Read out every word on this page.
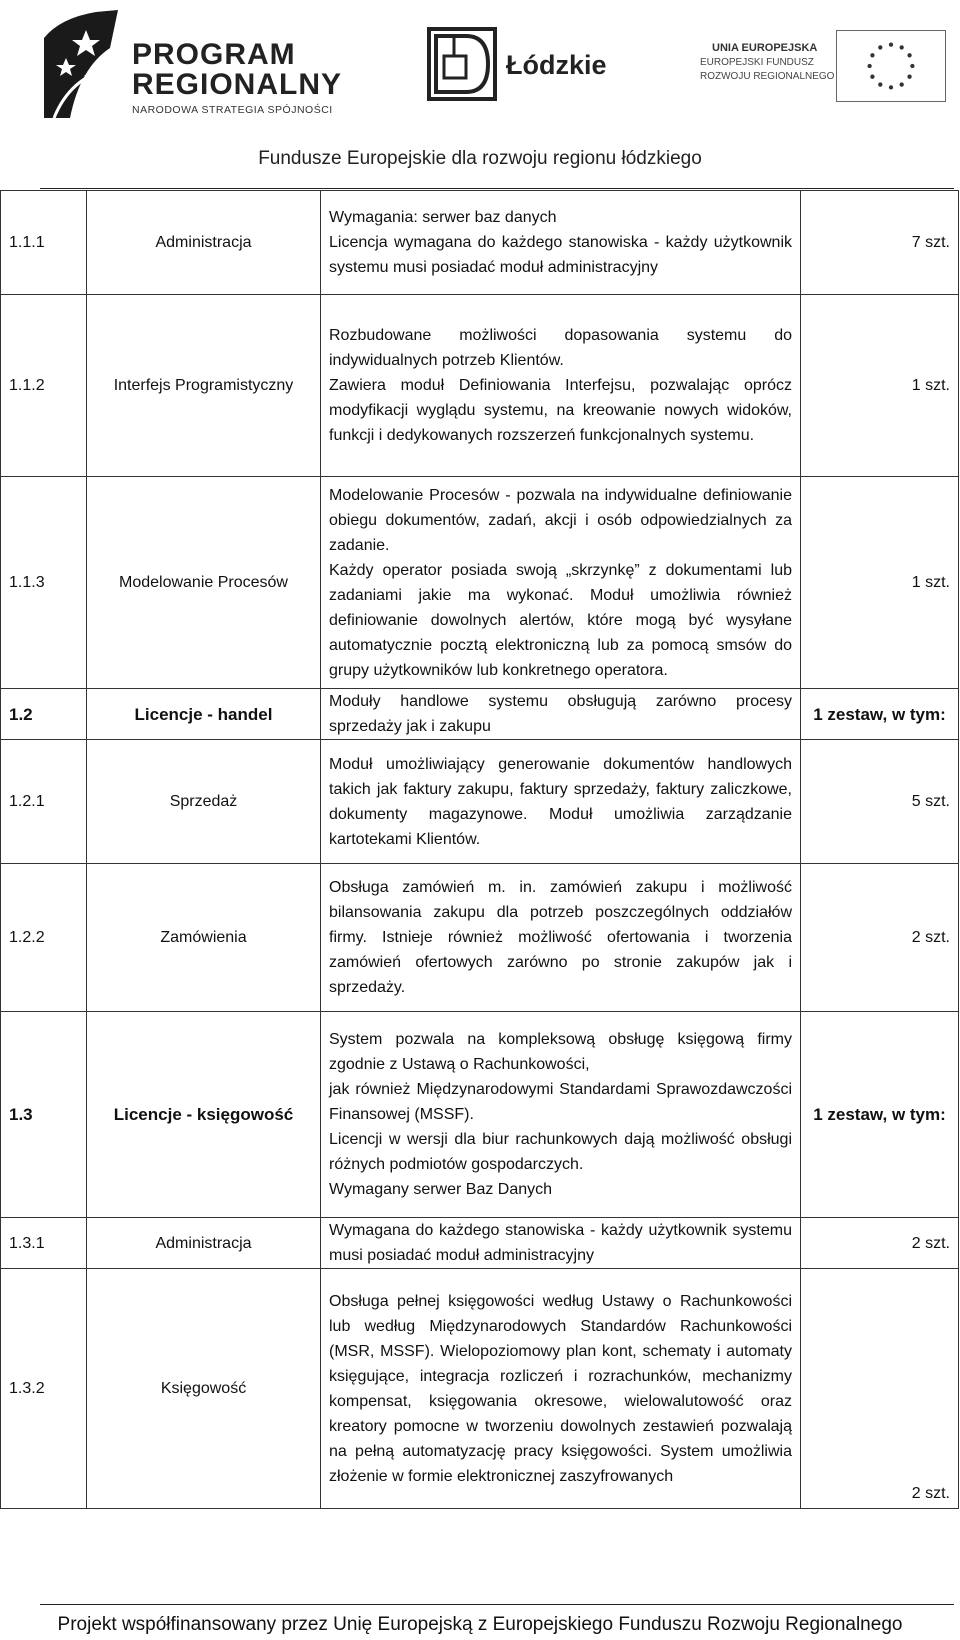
PROGRAM
REGIONALNY
NARODOWA STRATEGIA SPÓJNOŚCI
Łódzkie
UNIA EUROPEJSKA
EUROPEJSKI FUNDUSZ
ROZWOJU REGIONALNEGO
Fundusze Europejskie dla rozwoju regionu łódzkiego
1.1.1	Administracja	Wymagania: serwer baz danych
Licencja wymagana do każdego stanowiska - każdy użytkownik systemu musi posiadać moduł administracyjny	7 szt.
1.1.2	Interfejs Programistyczny	Rozbudowane możliwości dopasowania systemu do indywidualnych potrzeb Klientów.
Zawiera moduł Definiowania Interfejsu, pozwalając oprócz modyfikacji wyglądu systemu, na kreowanie nowych widoków, funkcji i dedykowanych rozszerzeń funkcjonalnych systemu.	1 szt.
1.1.3	Modelowanie Procesów	Modelowanie Procesów - pozwala na indywidualne definiowanie obiegu dokumentów, zadań, akcji i osób odpowiedzialnych za zadanie.
Każdy operator posiada swoją „skrzynkę” z dokumentami lub zadaniami jakie ma wykonać. Moduł umożliwia również definiowanie dowolnych alertów, które mogą być wysyłane automatycznie pocztą elektroniczną lub za pomocą smsów do grupy użytkowników lub konkretnego operatora.	1 szt.
1.2	Licencje - handel	Moduły handlowe systemu obsługują zarówno procesy sprzedaży jak i zakupu	1 zestaw, w tym:
1.2.1	Sprzedaż	Moduł umożliwiający generowanie dokumentów handlowych takich jak faktury zakupu, faktury sprzedaży, faktury zaliczkowe, dokumenty magazynowe. Moduł umożliwia zarządzanie kartotekami Klientów.	5 szt.
1.2.2	Zamówienia	Obsługa zamówień m. in. zamówień zakupu i możliwość bilansowania zakupu dla potrzeb poszczególnych oddziałów firmy. Istnieje również możliwość ofertowania i tworzenia zamówień ofertowych zarówno po stronie zakupów jak i sprzedaży.	2 szt.
1.3	Licencje - księgowość	System pozwala na kompleksową obsługę księgową firmy zgodnie z Ustawą o Rachunkowości,
jak również Międzynarodowymi Standardami Sprawozdawczości Finansowej (MSSF).
Licencji w wersji dla biur rachunkowych dają możliwość obsługi różnych podmiotów gospodarczych.
Wymagany serwer Baz Danych	1 zestaw, w tym:
1.3.1	Administracja	Wymagana do każdego stanowiska - każdy użytkownik systemu musi posiadać moduł administracyjny	2 szt.
1.3.2	Księgowość	Obsługa pełnej księgowości według Ustawy o Rachunkowości lub według Międzynarodowych Standardów Rachunkowości (MSR, MSSF). Wielopoziomowy plan kont, schematy i automaty księgujące, integracja rozliczeń i rozrachunków, mechanizmy kompensat, księgowania okresowe, wielowalutowość oraz kreatory pomocne w tworzeniu dowolnych zestawień pozwalają na pełną automatyzację pracy księgowości. System umożliwia złożenie w formie elektronicznej zaszyfrowanych	2 szt.
Projekt współfinansowany przez Unię Europejską z Europejskiego Funduszu Rozwoju Regionalnego
